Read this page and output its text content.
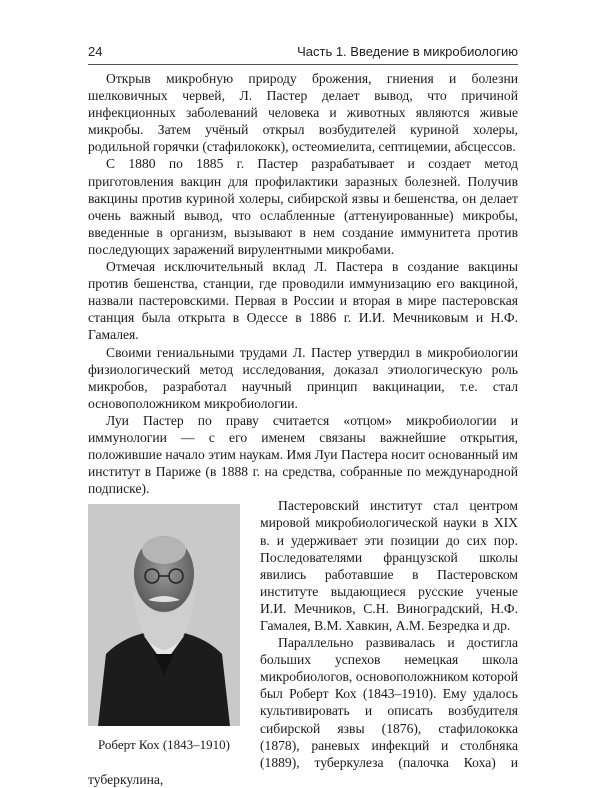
24	Часть 1. Введение в микробиологию

Открыв микробную природу брожения, гниения и болезни шелковичных червей, Л. Пастер делает вывод, что причиной инфекционных заболеваний человека и животных являются живые микробы. Затем учёный открыл возбудителей куриной холеры, родильной горячки (стафилококк), остеомиелита, септицемии, абсцессов.

С 1880 по 1885 г. Пастер разрабатывает и создает метод приготовления вакцин для профилактики заразных болезней. Получив вакцины против куриной холеры, сибирской язвы и бешенства, он делает очень важный вывод, что ослабленные (аттенуированные) микробы, введенные в организм, вызывают в нем создание иммунитета против последующих заражений вирулентными микробами.

Отмечая исключительный вклад Л. Пастера в создание вакцины против бешенства, станции, где проводили иммунизацию его вакциной, назвали пастеровскими. Первая в России и вторая в мире пастеровская станция была открыта в Одессе в 1886 г. И.И. Мечниковым и Н.Ф. Гамалея.

Своими гениальными трудами Л. Пастер утвердил в микробиологии физиологический метод исследования, доказал этиологическую роль микробов, разработал научный принцип вакцинации, т.е. стал основоположником микробиологии.

Луи Пастер по праву считается «отцом» микробиологии и иммунологии — с его именем связаны важнейшие открытия, положившие начало этим наукам. Имя Луи Пастера носит основанный им институт в Париже (в 1888 г. на средства, собранные по международной подписке).

Роберт Кох (1843–1910)

Пастеровский институт стал центром мировой микробиологической науки в XIX в. и удерживает эти позиции до сих пор. Последователями французской школы явились работавшие в Пастеровском институте выдающиеся русские ученые И.И. Мечников, С.Н. Виноградский, Н.Ф. Гамалея, В.М. Хавкин, А.М. Безредка и др.

Параллельно развивалась и достигла больших успехов немецкая школа микробиологов, основоположником которой был Роберт Кох (1843–1910). Ему удалось культивировать и описать возбудителя сибирской язвы (1876), стафилококка (1878), раневых инфекций и столбняка (1889), туберкулеза (палочка Коха) и туберкулина,
